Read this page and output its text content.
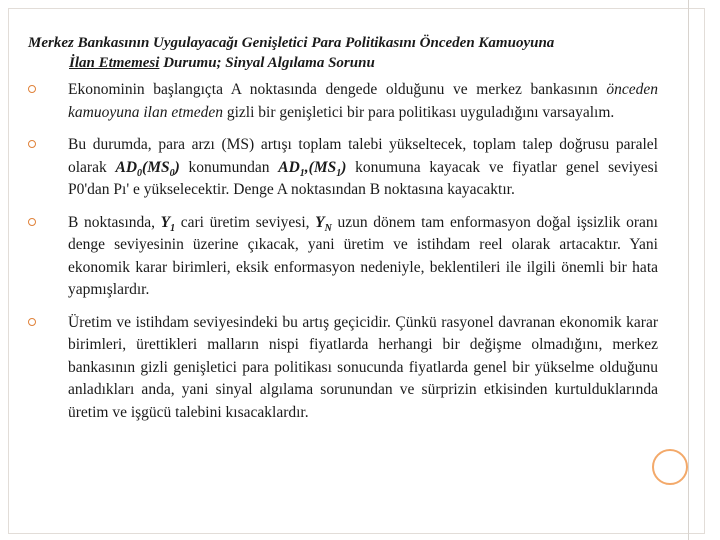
Merkez Bankasının Uygulayacağı Genişletici Para Politikasını Önceden Kamuoyuna
İlan Etmemesi Durumu; Sinyal Algılama Sorunu
Ekonominin başlangıçta A noktasında dengede olduğunu ve merkez bankasının önceden kamuoyuna ilan etmeden gizli bir genişletici bir para politikası uyguladığını varsayalım.
Bu durumda, para arzı (MS) artışı toplam talebi yükseltecek, toplam talep doğrusu paralel olarak $AD_0(MS_0)$ konumundan $AD_1,(MS_1)$ konumuna kayacak ve fiyatlar genel seviyesi P0'dan Pı' e yükselecektir. Denge A noktasından B noktasına kayacaktır.
B noktasında, $Y_1$ cari üretim seviyesi, $Y_N$ uzun dönem tam enformasyon doğal işsizlik oranı denge seviyesinin üzerine çıkacak, yani üretim ve istihdam reel olarak artacaktır. Yani ekonomik karar birimleri, eksik enformasyon nedeniyle, beklentileri ile ilgili önemli bir hata yapmışlardır.
Üretim ve istihdam seviyesindeki bu artış geçicidir. Çünkü rasyonel davranan ekonomik karar birimleri, ürettikleri malların nispi fiyatlarda herhangi bir değişme olmadığını, merkez bankasının gizli genişletici para politikası sonucunda fiyatlarda genel bir yükselme olduğunu anladıkları anda, yani sinyal algılama sorunundan ve sürprizin etkisinden kurtulduklarında üretim ve işgücü talebini kısacaklardır.
